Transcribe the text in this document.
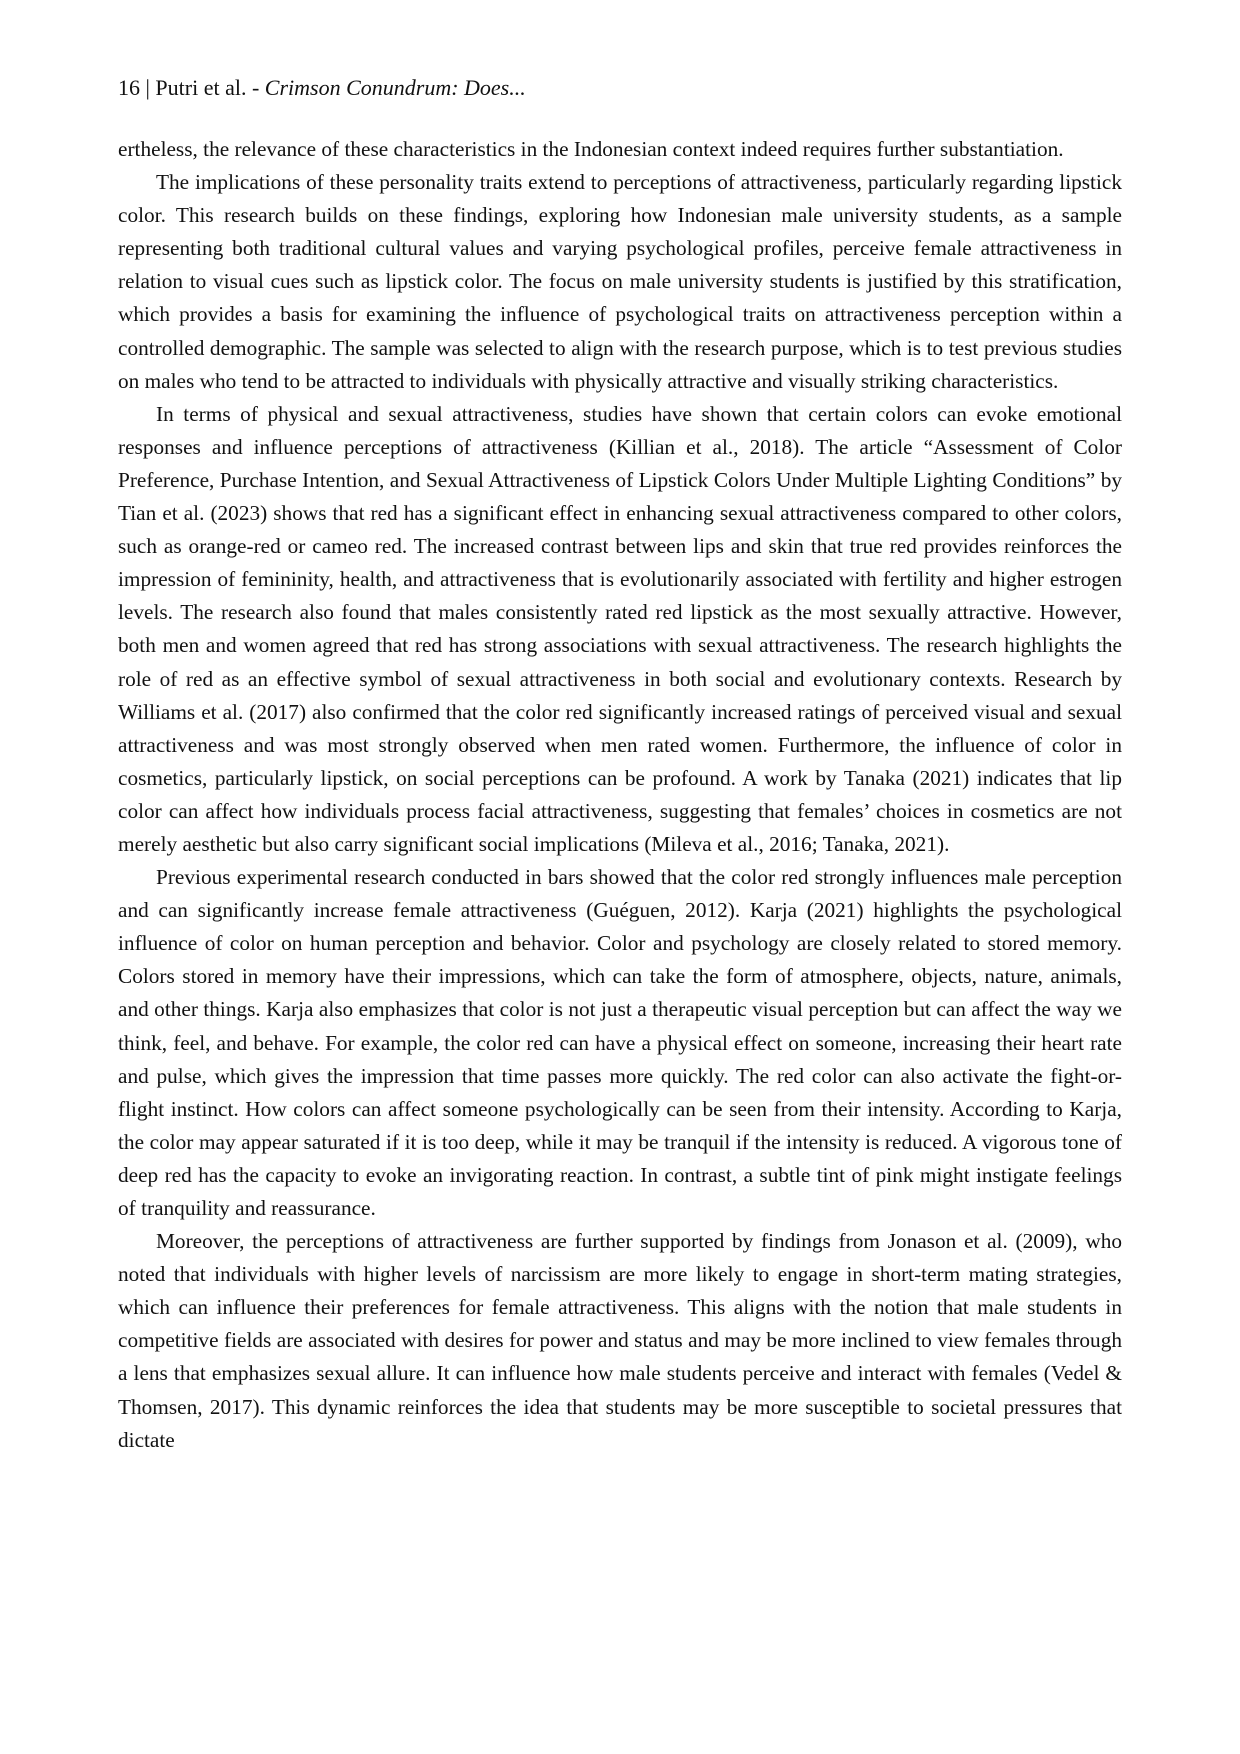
16 | Putri et al. - Crimson Conundrum: Does...

ertheless, the relevance of these characteristics in the Indonesian context indeed requires further substantiation.

The implications of these personality traits extend to perceptions of attractiveness, particularly regarding lipstick color. This research builds on these findings, exploring how Indonesian male university students, as a sample representing both traditional cultural values and varying psychological profiles, perceive female attractiveness in relation to visual cues such as lipstick color. The focus on male university students is justified by this stratification, which provides a basis for examining the influence of psychological traits on attractiveness perception within a controlled demographic. The sample was selected to align with the research purpose, which is to test previous studies on males who tend to be attracted to individuals with physically attractive and visually striking characteristics.

In terms of physical and sexual attractiveness, studies have shown that certain colors can evoke emotional responses and influence perceptions of attractiveness (Killian et al., 2018). The article “Assessment of Color Preference, Purchase Intention, and Sexual Attractiveness of Lipstick Colors Under Multiple Lighting Conditions” by Tian et al. (2023) shows that red has a significant effect in enhancing sexual attractiveness compared to other colors, such as orange-red or cameo red. The increased contrast between lips and skin that true red provides reinforces the impression of femininity, health, and attractiveness that is evolutionarily associated with fertility and higher estrogen levels. The research also found that males consistently rated red lipstick as the most sexually attractive. However, both men and women agreed that red has strong associations with sexual attractiveness. The research highlights the role of red as an effective symbol of sexual attractiveness in both social and evolutionary contexts. Research by Williams et al. (2017) also confirmed that the color red significantly increased ratings of perceived visual and sexual attractiveness and was most strongly observed when men rated women. Furthermore, the influence of color in cosmetics, particularly lipstick, on social perceptions can be profound. A work by Tanaka (2021) indicates that lip color can affect how individuals process facial attractiveness, suggesting that females’ choices in cosmetics are not merely aesthetic but also carry significant social implications (Mileva et al., 2016; Tanaka, 2021).

Previous experimental research conducted in bars showed that the color red strongly influences male perception and can significantly increase female attractiveness (Guéguen, 2012). Karja (2021) highlights the psychological influence of color on human perception and behavior. Color and psychology are closely related to stored memory. Colors stored in memory have their impressions, which can take the form of atmosphere, objects, nature, animals, and other things. Karja also emphasizes that color is not just a therapeutic visual perception but can affect the way we think, feel, and behave. For example, the color red can have a physical effect on someone, increasing their heart rate and pulse, which gives the impression that time passes more quickly. The red color can also activate the fight-or-flight instinct. How colors can affect someone psychologically can be seen from their intensity. According to Karja, the color may appear saturated if it is too deep, while it may be tranquil if the intensity is reduced. A vigorous tone of deep red has the capacity to evoke an invigorating reaction. In contrast, a subtle tint of pink might instigate feelings of tranquility and reassurance.

Moreover, the perceptions of attractiveness are further supported by findings from Jonason et al. (2009), who noted that individuals with higher levels of narcissism are more likely to engage in short-term mating strategies, which can influence their preferences for female attractiveness. This aligns with the notion that male students in competitive fields are associated with desires for power and status and may be more inclined to view females through a lens that emphasizes sexual allure. It can influence how male students perceive and interact with females (Vedel & Thomsen, 2017). This dynamic reinforces the idea that students may be more susceptible to societal pressures that dictate
